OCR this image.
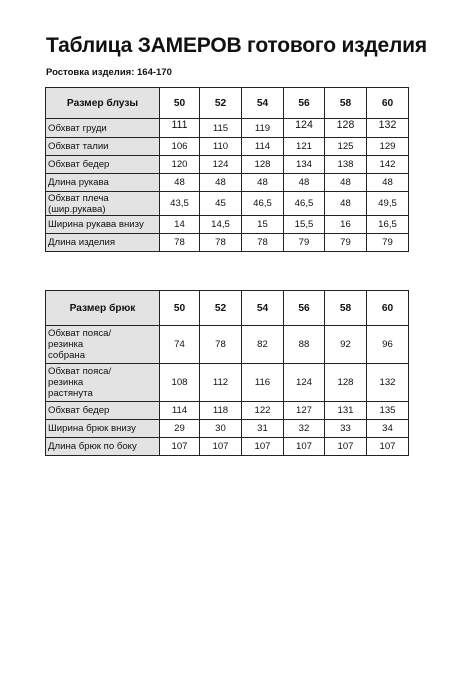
Таблица ЗАМЕРОВ готового изделия
Ростовка изделия: 164-170
Размер блузы	50	52	54	56	58	60
Обхват груди	111	115	119	124	128	132
Обхват талии	106	110	114	121	125	129
Обхват бедер	120	124	128	134	138	142
Длина рукава	48	48	48	48	48	48
Обхват плеча (шир.рукава)	43,5	45	46,5	46,5	48	49,5
Ширина рукава внизу	14	14,5	15	15,5	16	16,5
Длина изделия	78	78	78	79	79	79
Размер брюк	50	52	54	56	58	60
Обхват пояса/резинка собрана	74	78	82	88	92	96
Обхват пояса/резинка растянута	108	112	116	124	128	132
Обхват бедер	114	118	122	127	131	135
Ширина брюк внизу	29	30	31	32	33	34
Длина брюк по боку	107	107	107	107	107	107
